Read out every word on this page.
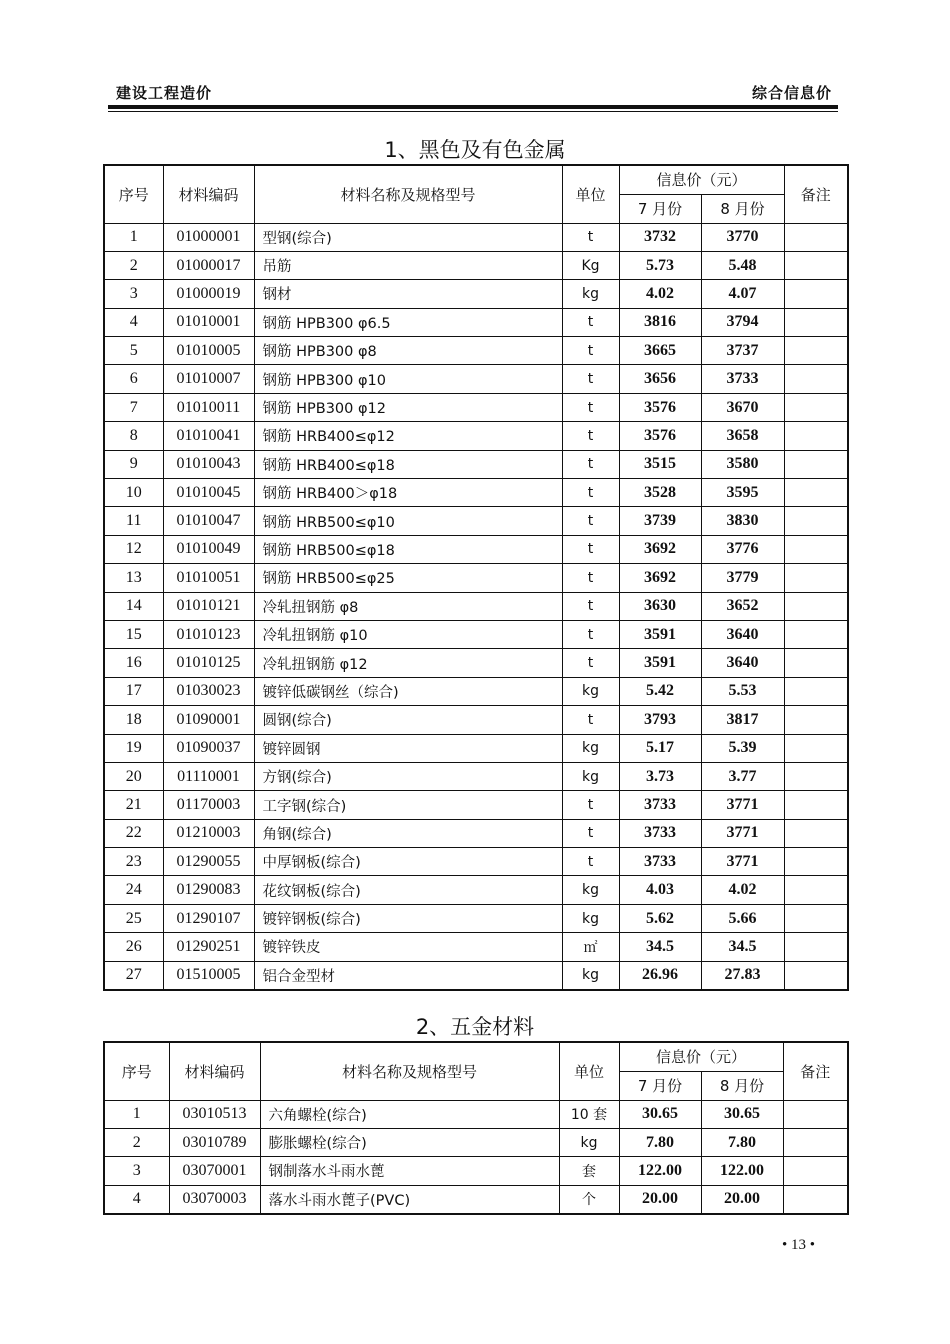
建设工程造价	综合信息价
1、黑色及有色金属
序号	材料编码	材料名称及规格型号	单位	信息价（元）		备注
				7 月份	8 月份	
1	01000001	型钢(综合)	t	3732	3770	
2	01000017	吊筋	Kg	5.73	5.48	
3	01000019	钢材	kg	4.02	4.07	
4	01010001	钢筋 HPB300 φ6.5	t	3816	3794	
5	01010005	钢筋 HPB300 φ8	t	3665	3737	
6	01010007	钢筋 HPB300 φ10	t	3656	3733	
7	01010011	钢筋 HPB300 φ12	t	3576	3670	
8	01010041	钢筋 HRB400≤φ12	t	3576	3658	
9	01010043	钢筋 HRB400≤φ18	t	3515	3580	
10	01010045	钢筋 HRB400＞φ18	t	3528	3595	
11	01010047	钢筋 HRB500≤φ10	t	3739	3830	
12	01010049	钢筋 HRB500≤φ18	t	3692	3776	
13	01010051	钢筋 HRB500≤φ25	t	3692	3779	
14	01010121	冷轧扭钢筋 φ8	t	3630	3652	
15	01010123	冷轧扭钢筋 φ10	t	3591	3640	
16	01010125	冷轧扭钢筋 φ12	t	3591	3640	
17	01030023	镀锌低碳钢丝（综合)	kg	5.42	5.53	
18	01090001	圆钢(综合)	t	3793	3817	
19	01090037	镀锌圆钢	kg	5.17	5.39	
20	01110001	方钢(综合)	kg	3.73	3.77	
21	01170003	工字钢(综合)	t	3733	3771	
22	01210003	角钢(综合)	t	3733	3771	
23	01290055	中厚钢板(综合)	t	3733	3771	
24	01290083	花纹钢板(综合)	kg	4.03	4.02	
25	01290107	镀锌钢板(综合)	kg	5.62	5.66	
26	01290251	镀锌铁皮	㎡	34.5	34.5	
27	01510005	铝合金型材	kg	26.96	27.83	
2、五金材料
序号	材料编码	材料名称及规格型号	单位	信息价（元）		备注
				7 月份	8 月份	
1	03010513	六角螺栓(综合)	10 套	30.65	30.65	
2	03010789	膨胀螺栓(综合)	kg	7.80	7.80	
3	03070001	钢制落水斗雨水蓖	套	122.00	122.00	
4	03070003	落水斗雨水蓖子(PVC)	个	20.00	20.00	
• 13 •
